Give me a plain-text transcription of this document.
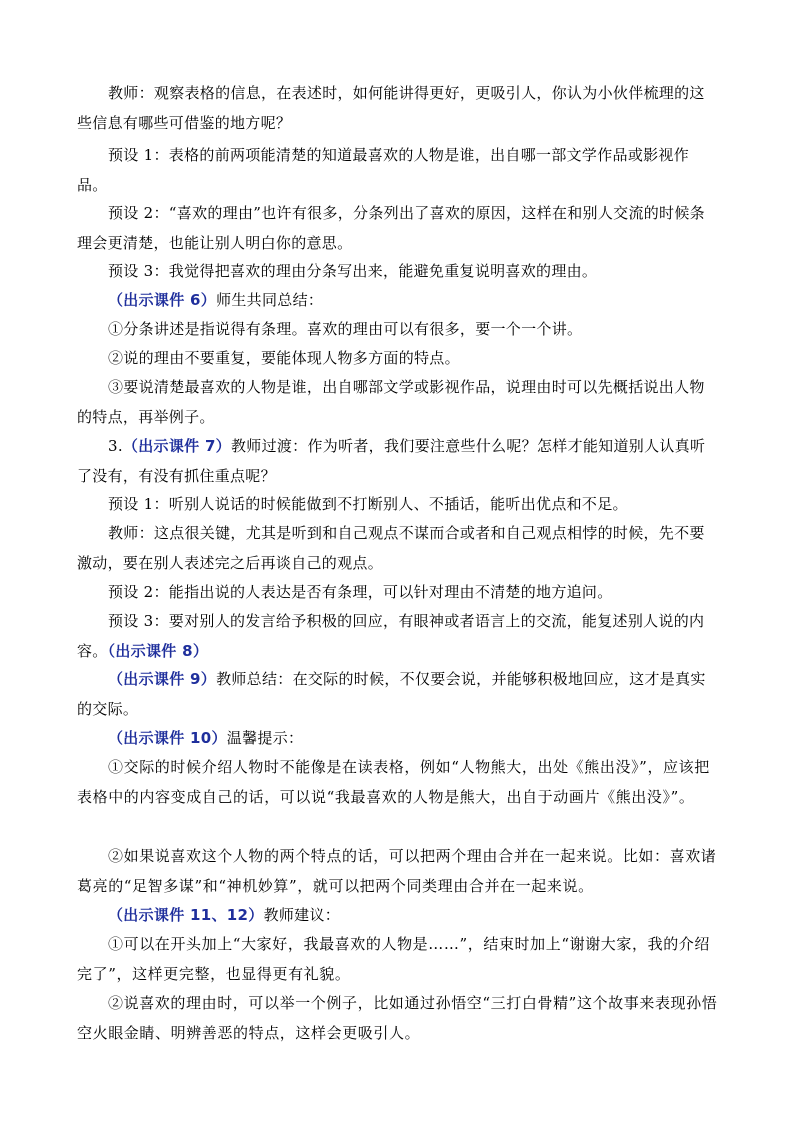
教师：观察表格的信息，在表述时，如何能讲得更好，更吸引人，你认为小伙伴梳理的这些信息有哪些可借鉴的地方呢？

预设 1：表格的前两项能清楚的知道最喜欢的人物是谁，出自哪一部文学作品或影视作品。

预设 2：“喜欢的理由”也许有很多，分条列出了喜欢的原因，这样在和别人交流的时候条理会更清楚，也能让别人明白你的意思。

预设 3：我觉得把喜欢的理由分条写出来，能避免重复说明喜欢的理由。

（出示课件 6）师生共同总结：

①分条讲述是指说得有条理。喜欢的理由可以有很多，要一个一个讲。

②说的理由不要重复，要能体现人物多方面的特点。

③要说清楚最喜欢的人物是谁，出自哪部文学或影视作品，说理由时可以先概括说出人物的特点，再举例子。

3.（出示课件 7）教师过渡：作为听者，我们要注意些什么呢？怎样才能知道别人认真听了没有，有没有抓住重点呢？

预设 1：听别人说话的时候能做到不打断别人、不插话，能听出优点和不足。

教师：这点很关键，尤其是听到和自己观点不谋而合或者和自己观点相悖的时候，先不要激动，要在别人表述完之后再谈自己的观点。

预设 2：能指出说的人表达是否有条理，可以针对理由不清楚的地方追问。

预设 3：要对别人的发言给予积极的回应，有眼神或者语言上的交流，能复述别人说的内容。（出示课件 8）

（出示课件 9）教师总结：在交际的时候，不仅要会说，并能够积极地回应，这才是真实的交际。

（出示课件 10）温馨提示：

①交际的时候介绍人物时不能像是在读表格，例如“人物熊大，出处《熊出没》”，应该把表格中的内容变成自己的话，可以说“我最喜欢的人物是熊大，出自于动画片《熊出没》”。

②如果说喜欢这个人物的两个特点的话，可以把两个理由合并在一起来说。比如：喜欢诸葛亮的“足智多谋”和“神机妙算”，就可以把两个同类理由合并在一起来说。

（出示课件 11、12）教师建议：

①可以在开头加上“大家好，我最喜欢的人物是……”，结束时加上“谢谢大家，我的介绍完了”，这样更完整，也显得更有礼貌。

②说喜欢的理由时，可以举一个例子，比如通过孙悟空“三打白骨精”这个故事来表现孙悟空火眼金睛、明辨善恶的特点，这样会更吸引人。
